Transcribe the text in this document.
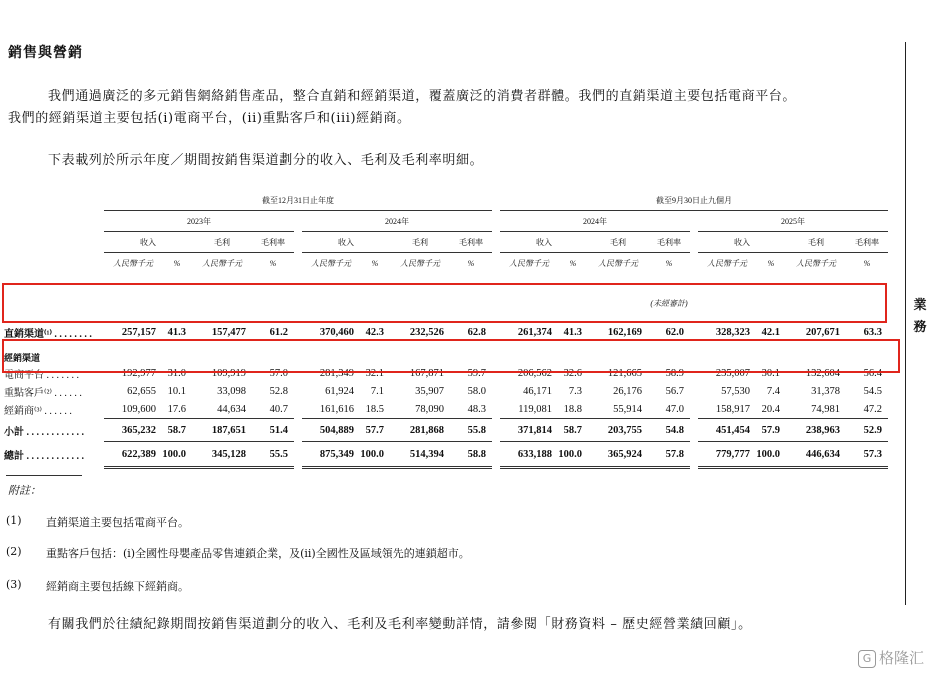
銷售與營銷
我們通過廣泛的多元銷售網絡銷售產品，整合直銷和經銷渠道，覆蓋廣泛的消費者群體。我們的直銷渠道主要包括電商平台。
我們的經銷渠道主要包括(i)電商平台，(ii)重點客戶和(iii)經銷商。
下表載列於所示年度／期間按銷售渠道劃分的收入、毛利及毛利率明細。
業務
	截至12月31日止年度										截至9月30日止九個月								
	2023年					2024年					2024年					2025年			
	收入		毛利	毛利率		收入		毛利	毛利率		收入		毛利	毛利率		收入		毛利	毛利率
	人民幣千元	%	人民幣千元	%		人民幣千元	%	人民幣千元	%		人民幣千元	%	人民幣千元	%		人民幣千元	%	人民幣千元	%

														(未經審計)					
直銷渠道⁽¹⁾ . . . . . . . .	257,157	41.3	157,477	61.2		370,460	42.3	232,526	62.8		261,374	41.3	162,169	62.0		328,323	42.1	207,671	63.3
經銷渠道																			
電商平台 . . . . . . .	192,977	31.0	109,919	57.0		281,349	32.1	167,871	59.7		206,562	32.6	121,665	58.9		235,007	30.1	132,604	56.4
重點客戶⁽²⁾ . . . . . .	62,655	10.1	33,098	52.8		61,924	7.1	35,907	58.0		46,171	7.3	26,176	56.7		57,530	7.4	31,378	54.5
經銷商⁽³⁾ . . . . . .	109,600	17.6	44,634	40.7		161,616	18.5	78,090	48.3		119,081	18.8	55,914	47.0		158,917	20.4	74,981	47.2
小計 . . . . . . . . . . . .	365,232	58.7	187,651	51.4		504,889	57.7	281,868	55.8		371,814	58.7	203,755	54.8		451,454	57.9	238,963	52.9
總計 . . . . . . . . . . . .	622,389	100.0	345,128	55.5		875,349	100.0	514,394	58.8		633,188	100.0	365,924	57.8		779,777	100.0	446,634	57.3
附註：
(1) 直銷渠道主要包括電商平台。
(2) 重點客戶包括：(i)全國性母嬰產品零售連鎖企業，及(ii)全國性及區域領先的連鎖超市。
(3) 經銷商主要包括線下經銷商。
有關我們於往績紀錄期間按銷售渠道劃分的收入、毛利及毛利率變動詳情，請參閱「財務資料 – 歷史經營業績回顧」。
G 格隆汇
